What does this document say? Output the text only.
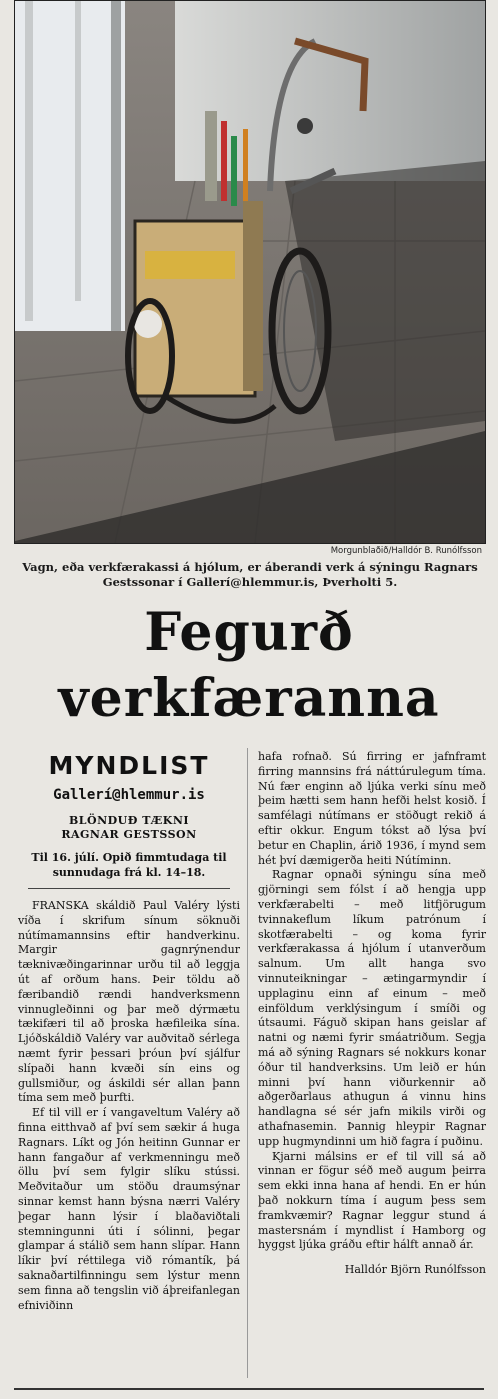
Morgunblaðið/Halldór B. Runólfsson
Vagn, eða verkfærakassi á hjólum, er áberandi verk á sýningu Ragnars Gestssonar í Gallerí@hlemmur.is, Þverholti 5.
Fegurð verkfæranna
MYNDLIST
Gallerí@hlemmur.is
BLÖNDUÐ TÆKNI
RAGNAR GESTSSON
Til 16. júlí. Opið fimmtudaga til sunnudaga frá kl. 14–18.

FRANSKA skáldið Paul Valéry lýsti víða í skrifum sínum söknuði nútímamannsins eftir handverkinu. Margir gagnrýnendur tæknivæðingarinnar urðu til að leggja út af orðum hans. Þeir töldu að færibandið rændi handverksmenn vinnugleðinni og þar með dýrmætu tækifæri til að þroska hæfileika sína. Ljóðskáldið Valéry var auðvitað sérlega næmt fyrir þessari þróun því sjálfur slípaði hann kvæði sín eins og gullsmiður, og áskildi sér allan þann tíma sem með þurfti.

Ef til vill er í vangaveltum Valéry að finna eitthvað af því sem sækir á huga Ragnars. Líkt og Jón heitinn Gunnar er hann fangaður af verkmenningu með öllu því sem fylgir slíku stússi. Meðvitaður um stöðu draumsýnar sinnar kemst hann býsna nærri Valéry þegar hann lýsir í blaðaviðtali stemningunni úti í sólinni, þegar glampar á stálið sem hann slípar. Hann líkir því réttilega við rómantík, þá saknaðartilfinningu sem lýstur menn sem finna að tengslin við áþreifanlegan efniviðinn

hafa rofnað. Sú firring er jafnframt firring mannsins frá náttúrulegum tíma. Nú fær enginn að ljúka verki sínu með þeim hætti sem hann hefði helst kosið. Í samfélagi nútímans er stöðugt rekið á eftir okkur. Engum tókst að lýsa því betur en Chaplin, árið 1936, í mynd sem hét því dæmigerða heiti Nútíminn.

Ragnar opnaði sýningu sína með gjörningi sem fólst í að hengja upp verkfærabelti – með litfjörugum tvinnakeflum líkum patrónum í skotfærabelti – og koma fyrir verkfærakassa á hjólum í utanverðum salnum. Um allt hanga svo vinnuteikningar – ætingarmyndir í upplaginu einn af einum – með einföldum verklýsingum í smíði og útsaumi. Fáguð skipan hans geislar af natni og næmi fyrir smáatriðum. Segja má að sýning Ragnars sé nokkurs konar óður til handverksins. Um leið er hún minni því hann viðurkennir að aðgerðarlaus athugun á vinnu hins handlagna sé sér jafn mikils virði og athafnasemin. Þannig hleypir Ragnar upp hugmyndinni um hið fagra í puðinu.

Kjarni málsins er ef til vill sá að vinnan er fögur séð með augum þeirra sem ekki inna hana af hendi. En er hún það nokkurn tíma í augum þess sem framkvæmir? Ragnar leggur stund á mastersnám í myndlist í Hamborg og hyggst ljúka gráðu eftir hálft annað ár.

Halldór Björn Runólfsson
